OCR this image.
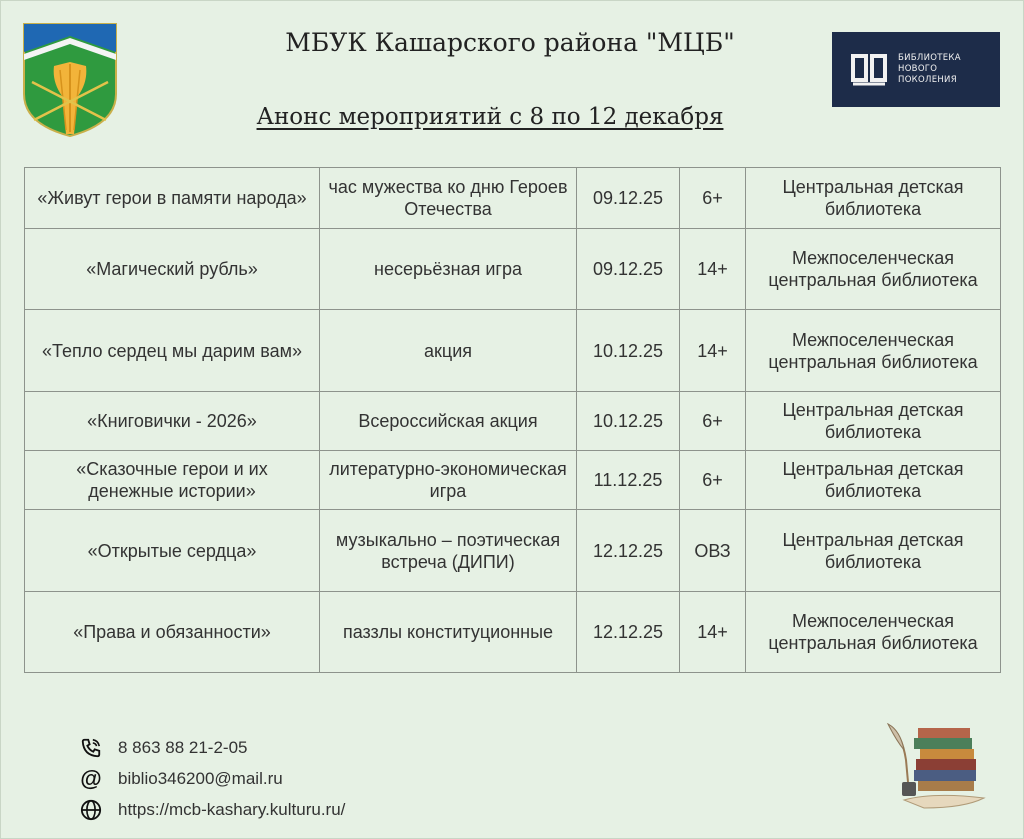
МБУК Кашарского района "МЦБ"
Анонс мероприятий с 8 по 12 декабря
БИБЛИОТЕКА
НОВОГО
ПОКОЛЕНИЯ
«Живут герои в памяти народа»	час мужества ко дню Героев Отечества	09.12.25	6+	Центральная детская библиотека
«Магический рубль»	несерьёзная игра	09.12.25	14+	Межпоселенческая центральная библиотека
«Тепло сердец мы дарим вам»	акция	10.12.25	14+	Межпоселенческая центральная библиотека
«Книговички - 2026»	Всероссийская акция	10.12.25	6+	Центральная детская библиотека
«Сказочные герои и их денежные истории»	литературно-экономическая игра	11.12.25	6+	Центральная детская библиотека
«Открытые сердца»	музыкально – поэтическая встреча (ДИПИ)	12.12.25	ОВЗ	Центральная детская библиотека
«Права и обязанности»	паззлы конституционные	12.12.25	14+	Межпоселенческая центральная библиотека
8 863 88 21-2-05
@ biblio346200@mail.ru
https://mcb-kashary.kulturu.ru/
